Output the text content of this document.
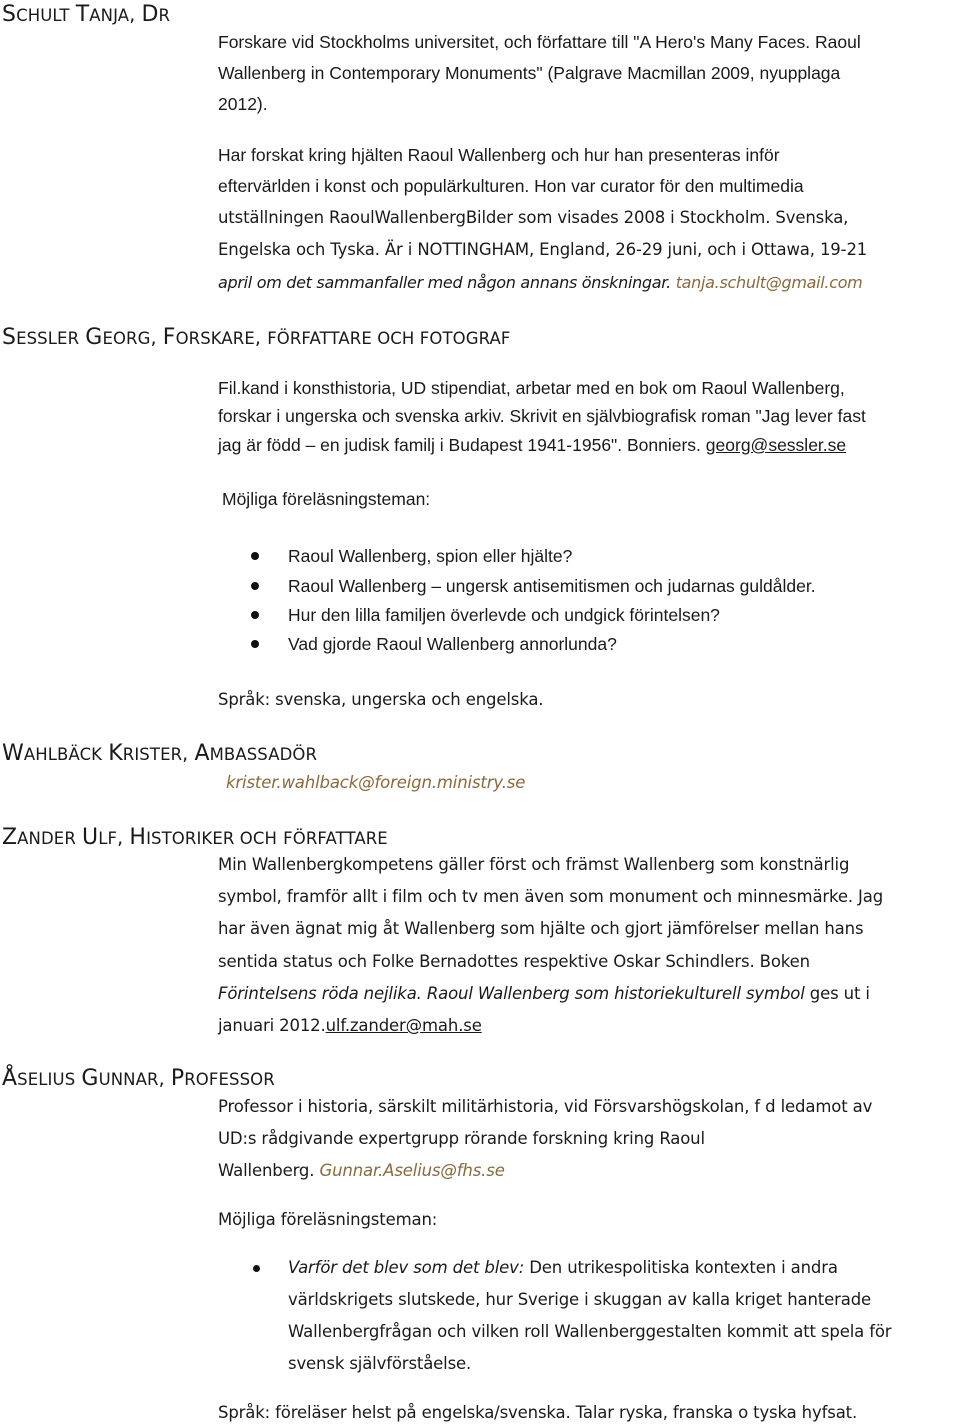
SCHULT TANJA, DR
Forskare vid Stockholms universitet, och författare till "A Hero's Many Faces. Raoul
Wallenberg in Contemporary Monuments" (Palgrave Macmillan 2009, nyupplaga
2012).
Har forskat kring hjälten Raoul Wallenberg och hur han presenteras inför
eftervärlden i konst och populärkulturen. Hon var curator för den multimedia
utställningen RaoulWallenbergBilder som visades 2008 i Stockholm. Svenska,
Engelska och Tyska. Är i NOTTINGHAM, England, 26-29 juni, och i Ottawa, 19-21
april om det sammanfaller med någon annans önskningar. tanja.schult@gmail.com
SESSLER GEORG, FORSKARE, FÖRFATTARE OCH FOTOGRAF
Fil.kand i konsthistoria, UD stipendiat, arbetar med en bok om Raoul Wallenberg,
forskar i ungerska och svenska arkiv. Skrivit en självbiografisk roman "Jag lever fast
jag är född – en judisk familj i Budapest 1941-1956". Bonniers. georg@sessler.se
Möjliga föreläsningsteman:
Raoul Wallenberg, spion eller hjälte?
Raoul Wallenberg – ungersk antisemitismen och judarnas guldålder.
Hur den lilla familjen överlevde och undgick förintelsen?
Vad gjorde Raoul Wallenberg annorlunda?
Språk: svenska, ungerska och engelska.
WAHLBÄCK KRISTER, AMBASSADÖR
krister.wahlback@foreign.ministry.se
ZANDER ULF, HISTORIKER OCH FÖRFATTARE
Min Wallenbergkompetens gäller först och främst Wallenberg som konstnärlig
symbol, framför allt i film och tv men även som monument och minnesmärke. Jag
har även ägnat mig åt Wallenberg som hjälte och gjort jämförelser mellan hans
sentida status och Folke Bernadottes respektive Oskar Schindlers. Boken
Förintelsens röda nejlika. Raoul Wallenberg som historiekulturell symbol ges ut i
januari 2012.ulf.zander@mah.se
ÅSELIUS GUNNAR, PROFESSOR
Professor i historia, särskilt militärhistoria, vid Försvarshögskolan, f d ledamot av
UD:s rådgivande expertgrupp rörande forskning kring Raoul
Wallenberg. Gunnar.Aselius@fhs.se
Möjliga föreläsningsteman:
Varför det blev som det blev: Den utrikespolitiska kontexten i andra
världskrigets slutskede, hur Sverige i skuggan av kalla kriget hanterade
Wallenbergfrågan och vilken roll Wallenberggestalten kommit att spela för
svensk självförståelse.
Språk: föreläser helst på engelska/svenska. Talar ryska, franska o tyska hyfsat.
